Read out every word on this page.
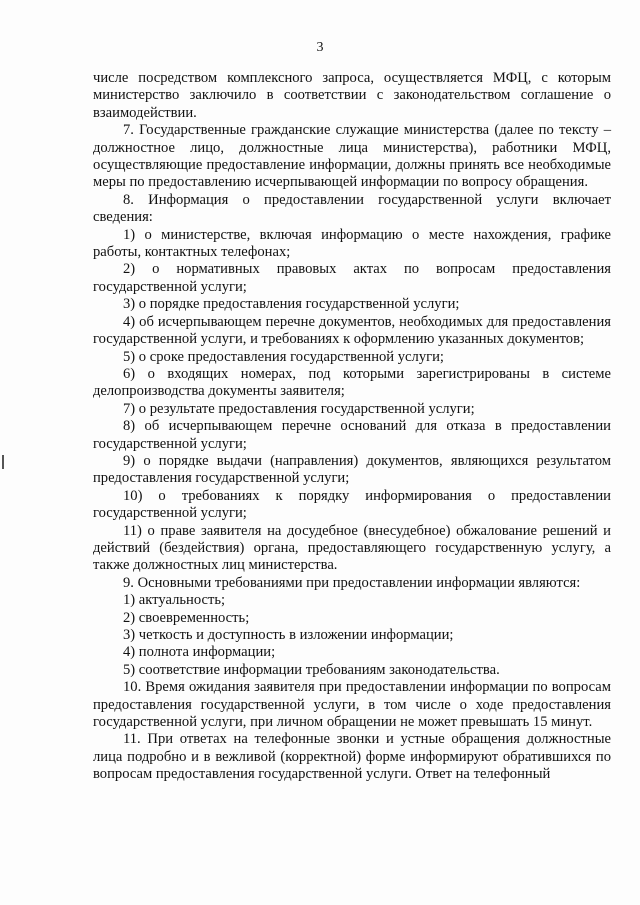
3

числе посредством комплексного запроса, осуществляется МФЦ, с которым министерство заключило в соответствии с законодательством соглашение о взаимодействии.

7. Государственные гражданские служащие министерства (далее по тексту – должностное лицо, должностные лица министерства), работники МФЦ, осуществляющие предоставление информации, должны принять все необходимые меры по предоставлению исчерпывающей информации по вопросу обращения.

8. Информация о предоставлении государственной услуги включает сведения:

1) о министерстве, включая информацию о месте нахождения, графике работы, контактных телефонах;

2) о нормативных правовых актах по вопросам предоставления государственной услуги;

3) о порядке предоставления государственной услуги;

4) об исчерпывающем перечне документов, необходимых для предоставления государственной услуги, и требованиях к оформлению указанных документов;

5) о сроке предоставления государственной услуги;

6) о входящих номерах, под которыми зарегистрированы в системе делопроизводства документы заявителя;

7) о результате предоставления государственной услуги;

8) об исчерпывающем перечне оснований для отказа в предоставлении государственной услуги;

9) о порядке выдачи (направления) документов, являющихся результатом предоставления государственной услуги;

10) о требованиях к порядку информирования о предоставлении государственной услуги;

11) о праве заявителя на досудебное (внесудебное) обжалование решений и действий (бездействия) органа, предоставляющего государственную услугу, а также должностных лиц министерства.

9. Основными требованиями при предоставлении информации являются:

1) актуальность;

2) своевременность;

3) четкость и доступность в изложении информации;

4) полнота информации;

5) соответствие информации требованиям законодательства.

10. Время ожидания заявителя при предоставлении информации по вопросам предоставления государственной услуги, в том числе о ходе предоставления государственной услуги, при личном обращении не может превышать 15 минут.

11. При ответах на телефонные звонки и устные обращения должностные лица подробно и в вежливой (корректной) форме информируют обратившихся по вопросам предоставления государственной услуги. Ответ на телефонный
